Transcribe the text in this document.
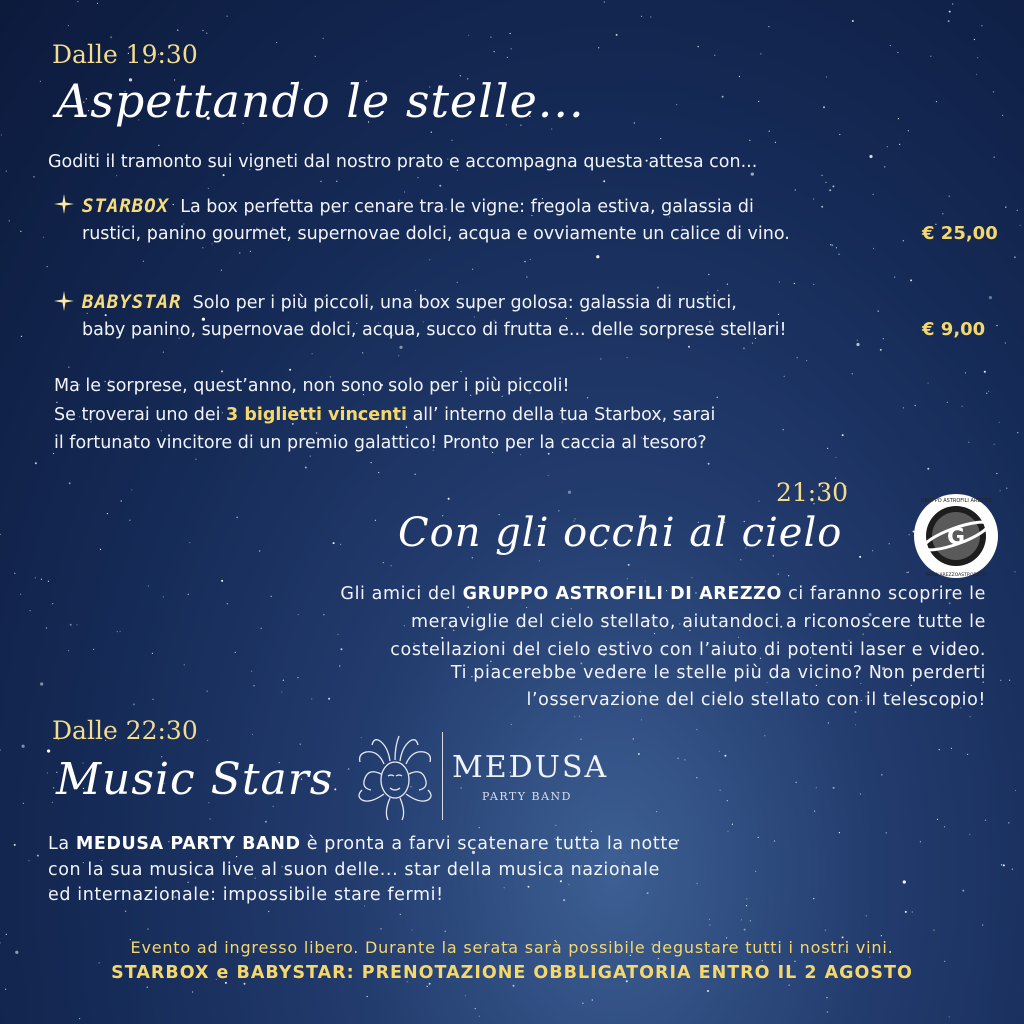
Dalle 19:30
Aspettando le stelle...
Goditi il tramonto sui vigneti dal nostro prato e accompagna questa attesa con...
STARBOX La box perfetta per cenare tra le vigne: fregola estiva, galassia di
rustici, panino gourmet, supernovae dolci, acqua e ovviamente un calice di vino.	€ 25,00
BABYSTAR Solo per i più piccoli, una box super golosa: galassia di rustici,
baby panino, supernovae dolci, acqua, succo di frutta e... delle sorprese stellari!	€ 9,00
Ma le sorprese, quest’anno, non sono solo per i più piccoli!
Se troverai uno dei 3 biglietti vincenti all’ interno della tua Starbox, sarai
il fortunato vincitore di un premio galattico! Pronto per la caccia al tesoro?
21:30
Con gli occhi al cielo	G
GRUPPO ASTROFILI AREZZO
WWW.AREZZOASTROFILI.IT
Gli amici del GRUPPO ASTROFILI DI AREZZO ci faranno scoprire le
meraviglie del cielo stellato, aiutandoci a riconoscere tutte le
costellazioni del cielo estivo con l’aiuto di potenti laser e video.
Ti piacerebbe vedere le stelle più da vicino? Non perderti
l’osservazione del cielo stellato con il telescopio!
Dalle 22:30
Music Stars	MEDUSA
PARTY BAND
La MEDUSA PARTY BAND è pronta a farvi scatenare tutta la notte
con la sua musica live al suon delle... star della musica nazionale
ed internazionale: impossibile stare fermi!
Evento ad ingresso libero. Durante la serata sarà possibile degustare tutti i nostri vini.
STARBOX e BABYSTAR: PRENOTAZIONE OBBLIGATORIA ENTRO IL 2 AGOSTO
